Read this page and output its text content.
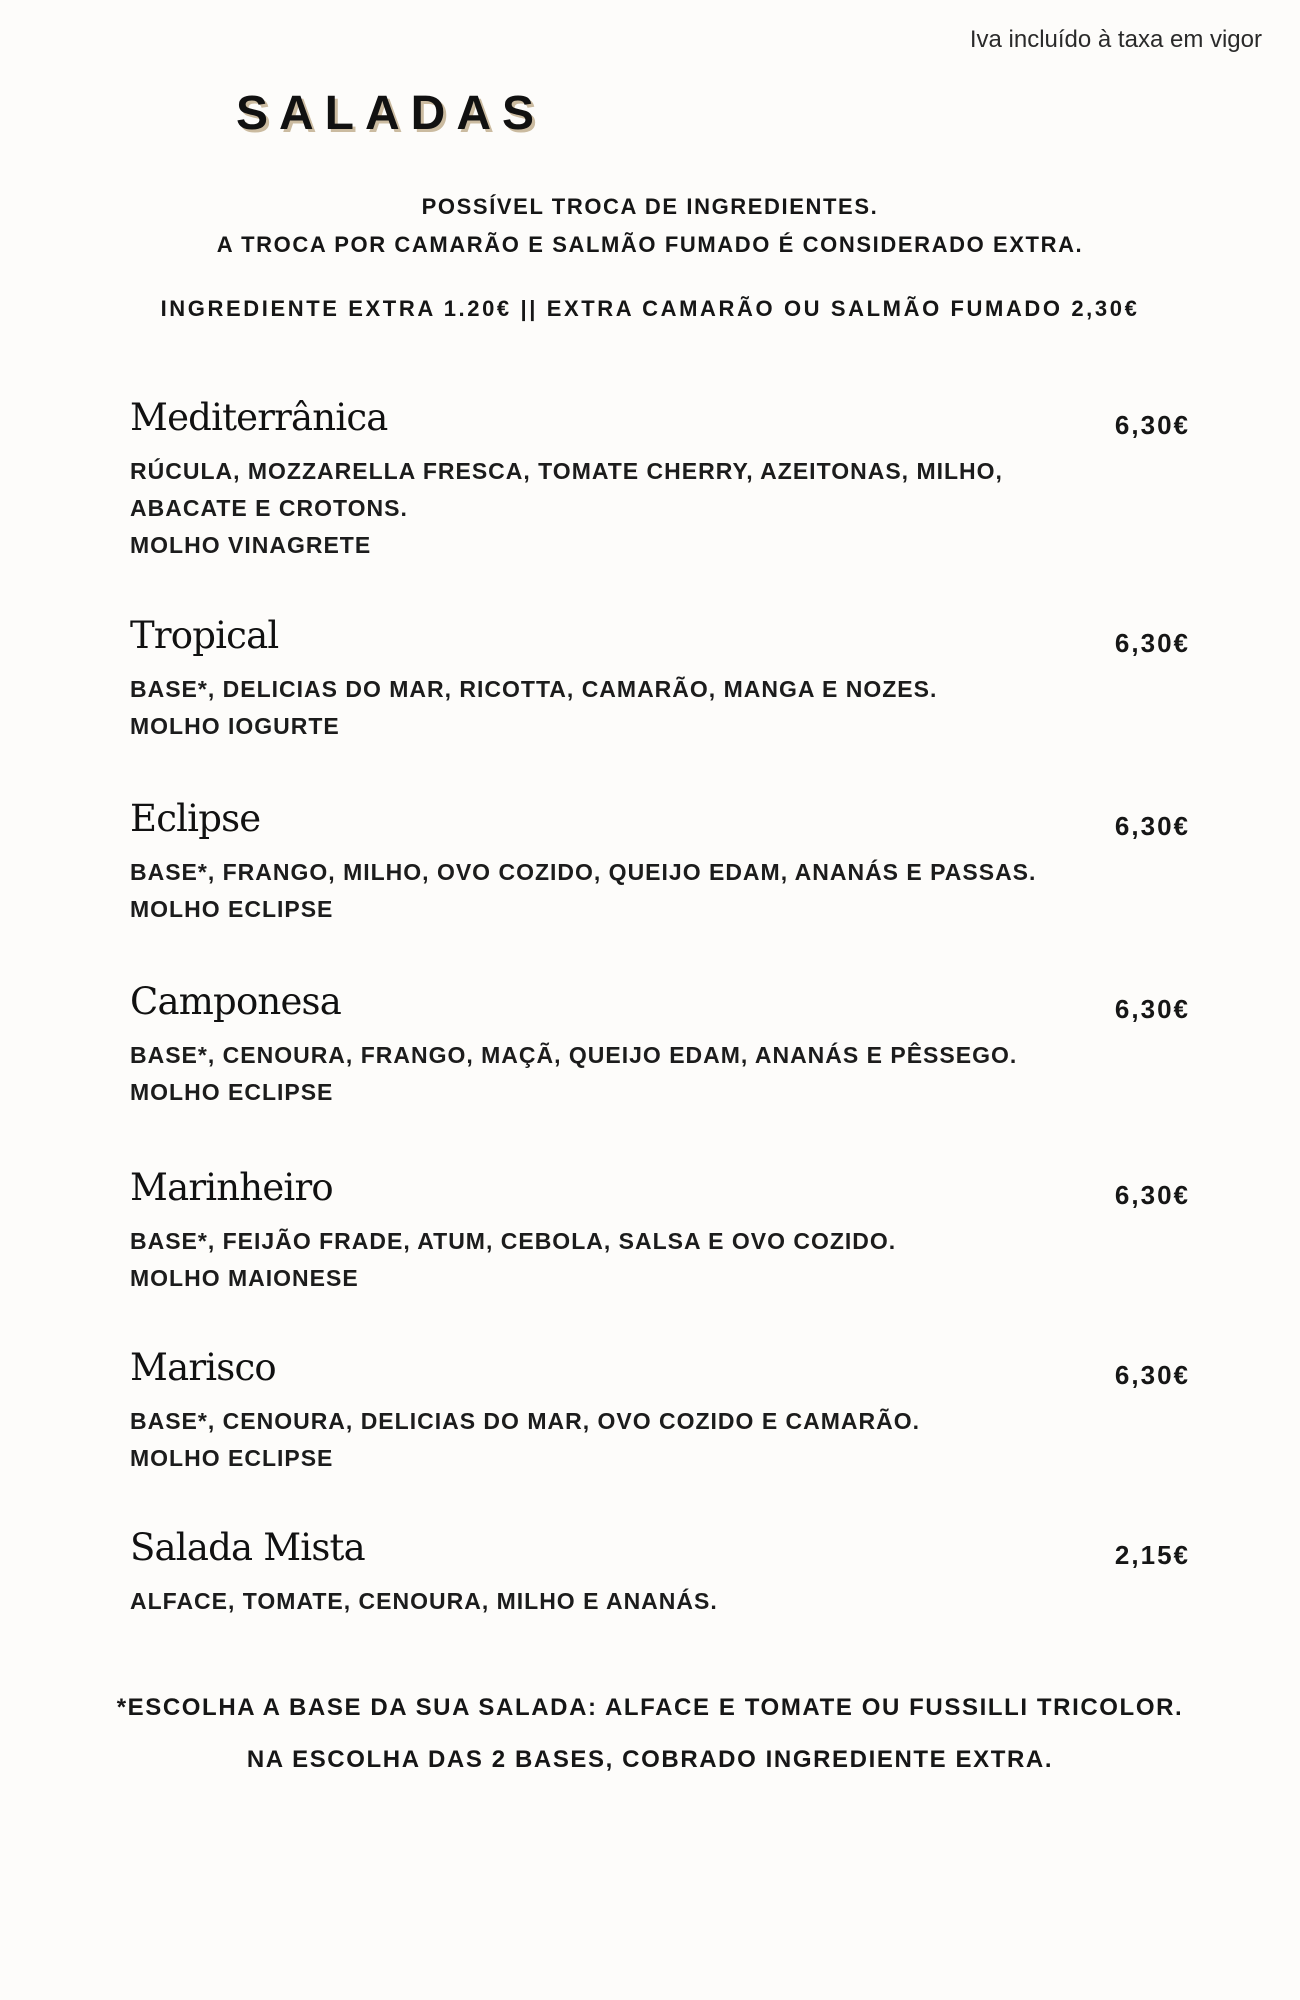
Iva incluído à taxa em vigor
SALADAS
POSSÍVEL TROCA DE INGREDIENTES.
A TROCA POR CAMARÃO E SALMÃO FUMADO É CONSIDERADO EXTRA.
INGREDIENTE EXTRA 1.20€ || EXTRA CAMARÃO OU SALMÃO FUMADO 2,30€
Mediterrânica	6,30€
RÚCULA, MOZZARELLA FRESCA, TOMATE CHERRY, AZEITONAS, MILHO,
ABACATE E CROTONS.
MOLHO VINAGRETE
Tropical	6,30€
BASE*, DELICIAS DO MAR, RICOTTA, CAMARÃO, MANGA E NOZES.
MOLHO IOGURTE
Eclipse	6,30€
BASE*, FRANGO, MILHO, OVO COZIDO, QUEIJO EDAM, ANANÁS E PASSAS.
MOLHO ECLIPSE
Camponesa	6,30€
BASE*, CENOURA, FRANGO, MAÇÃ, QUEIJO EDAM, ANANÁS E PÊSSEGO.
MOLHO ECLIPSE
Marinheiro	6,30€
BASE*, FEIJÃO FRADE, ATUM, CEBOLA, SALSA E OVO COZIDO.
MOLHO MAIONESE
Marisco	6,30€
BASE*, CENOURA, DELICIAS DO MAR, OVO COZIDO E CAMARÃO.
MOLHO ECLIPSE
Salada Mista	2,15€
ALFACE, TOMATE, CENOURA, MILHO E ANANÁS.
*ESCOLHA A BASE DA SUA SALADA: ALFACE E TOMATE OU FUSSILLI TRICOLOR.
NA ESCOLHA DAS 2 BASES, COBRADO INGREDIENTE EXTRA.
